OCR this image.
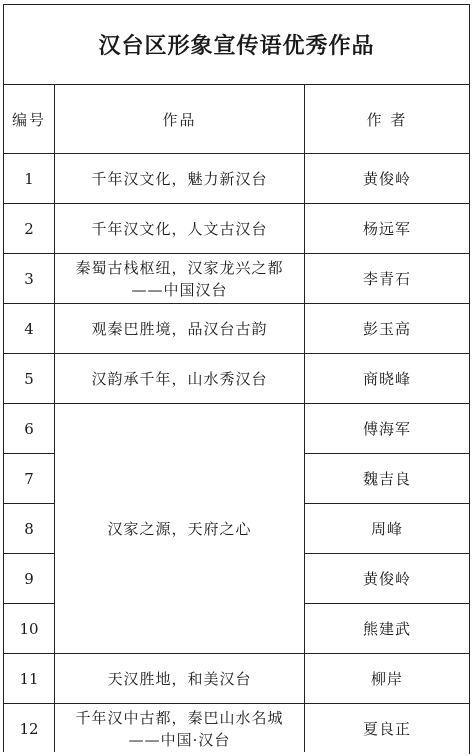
汉台区形象宣传语优秀作品		
编号	作品	作 者
1	千年汉文化，魅力新汉台	黄俊岭
2	千年汉文化，人文古汉台	杨远军
3	秦蜀古栈枢纽，汉家龙兴之都
——中国汉台	李青石
4	观秦巴胜境，品汉台古韵	彭玉高
5	汉韵承千年，山水秀汉台	商晓峰
6	汉家之源，天府之心	傅海军
7		魏吉良
8		周峰
9		黄俊岭
10		熊建武
11	天汉胜地，和美汉台	柳岸
12	千年汉中古都，秦巴山水名城
——中国·汉台	夏良正
